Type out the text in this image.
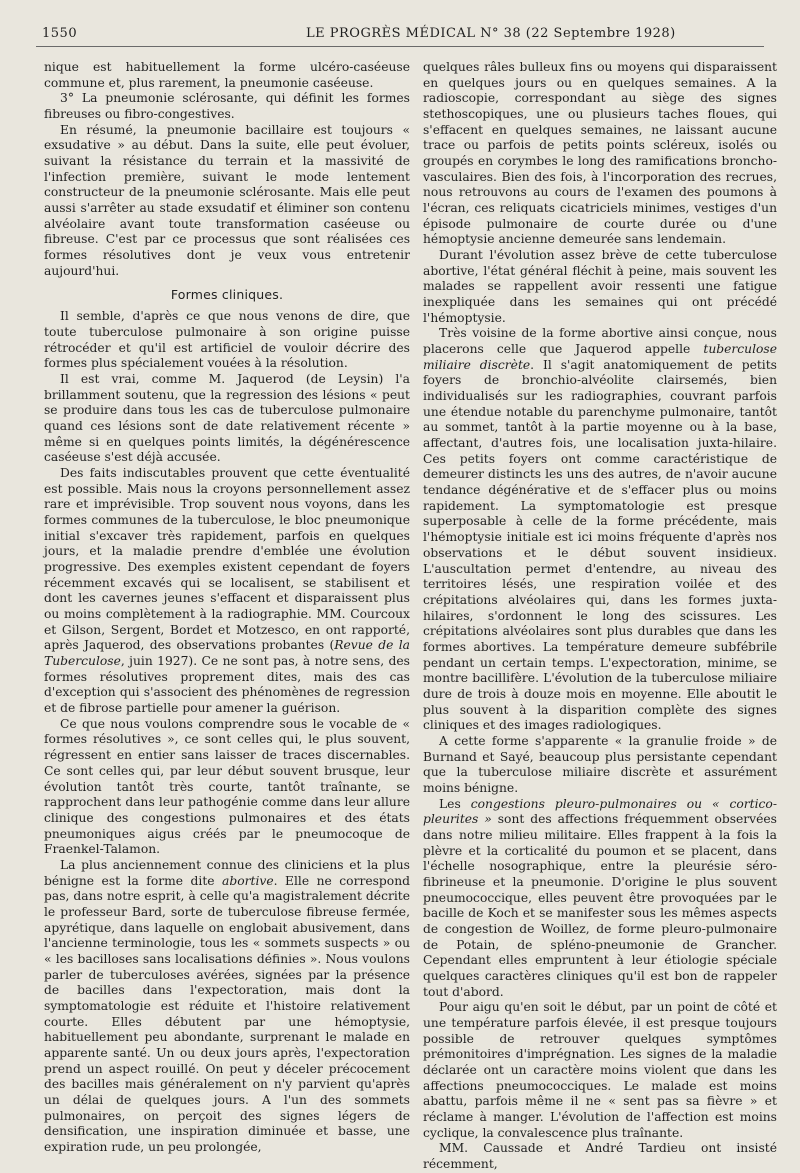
1550	LE PROGRÈS MÉDICAL N° 38 (22 Septembre 1928)

nique est habituellement la forme ulcéro-caséeuse commune et, plus rarement, la pneumonie caséeuse.

3° La pneumonie sclérosante, qui définit les formes fibreuses ou fibro-congestives.

En résumé, la pneumonie bacillaire est toujours « exsudative » au début. Dans la suite, elle peut évoluer, suivant la résistance du terrain et la massivité de l'infection première, suivant le mode lentement constructeur de la pneumonie sclérosante. Mais elle peut aussi s'arrêter au stade exsudatif et éliminer son contenu alvéolaire avant toute transformation caséeuse ou fibreuse. C'est par ce processus que sont réalisées ces formes résolutives dont je veux vous entretenir aujourd'hui.

Formes cliniques.

Il semble, d'après ce que nous venons de dire, que toute tuberculose pulmonaire à son origine puisse rétrocéder et qu'il est artificiel de vouloir décrire des formes plus spécialement vouées à la résolution.

Il est vrai, comme M. Jaquerod (de Leysin) l'a brillamment soutenu, que la regression des lésions « peut se produire dans tous les cas de tuberculose pulmonaire quand ces lésions sont de date relativement récente » même si en quelques points limités, la dégénérescence caséeuse s'est déjà accusée.

Des faits indiscutables prouvent que cette éventualité est possible. Mais nous la croyons personnellement assez rare et imprévisible. Trop souvent nous voyons, dans les formes communes de la tuberculose, le bloc pneumonique initial s'excaver très rapidement, parfois en quelques jours, et la maladie prendre d'emblée une évolution progressive. Des exemples existent cependant de foyers récemment excavés qui se localisent, se stabilisent et dont les cavernes jeunes s'effacent et disparaissent plus ou moins complètement à la radiographie. MM. Courcoux et Gilson, Sergent, Bordet et Motzesco, en ont rapporté, après Jaquerod, des observations probantes (Revue de la Tuberculose, juin 1927). Ce ne sont pas, à notre sens, des formes résolutives proprement dites, mais des cas d'exception qui s'associent des phénomènes de regression et de fibrose partielle pour amener la guérison.

Ce que nous voulons comprendre sous le vocable de « formes résolutives », ce sont celles qui, le plus souvent, régressent en entier sans laisser de traces discernables. Ce sont celles qui, par leur début souvent brusque, leur évolution tantôt très courte, tantôt traînante, se rapprochent dans leur pathogénie comme dans leur allure clinique des congestions pulmonaires et des états pneumoniques aigus créés par le pneumocoque de Fraenkel-Talamon.

La plus anciennement connue des cliniciens et la plus bénigne est la forme dite abortive. Elle ne correspond pas, dans notre esprit, à celle qu'a magistralement décrite le professeur Bard, sorte de tuberculose fibreuse fermée, apyrétique, dans laquelle on englobait abusivement, dans l'ancienne terminologie, tous les « sommets suspects » ou « les bacilloses sans localisations définies ». Nous voulons parler de tuberculoses avérées, signées par la présence de bacilles dans l'expectoration, mais dont la symptomatologie est réduite et l'histoire relativement courte. Elles débutent par une hémoptysie, habituellement peu abondante, surprenant le malade en apparente santé. Un ou deux jours après, l'expectoration prend un aspect rouillé. On peut y déceler précocement des bacilles mais généralement on n'y parvient qu'après un délai de quelques jours. A l'un des sommets pulmonaires, on perçoit des signes légers de densification, une inspiration diminuée et basse, une expiration rude, un peu prolongée,

quelques râles bulleux fins ou moyens qui disparaissent en quelques jours ou en quelques semaines. A la radioscopie, correspondant au siège des signes stethoscopiques, une ou plusieurs taches floues, qui s'effacent en quelques semaines, ne laissant aucune trace ou parfois de petits points scléreux, isolés ou groupés en corymbes le long des ramifications broncho-vasculaires. Bien des fois, à l'incorporation des recrues, nous retrouvons au cours de l'examen des poumons à l'écran, ces reliquats cicatriciels minimes, vestiges d'un épisode pulmonaire de courte durée ou d'une hémoptysie ancienne demeurée sans lendemain.

Durant l'évolution assez brève de cette tuberculose abortive, l'état général fléchit à peine, mais souvent les malades se rappellent avoir ressenti une fatigue inexpliquée dans les semaines qui ont précédé l'hémoptysie.

Très voisine de la forme abortive ainsi conçue, nous placerons celle que Jaquerod appelle tuberculose miliaire discrète. Il s'agit anatomiquement de petits foyers de bronchio-alvéolite clairsemés, bien individualisés sur les radiographies, couvrant parfois une étendue notable du parenchyme pulmonaire, tantôt au sommet, tantôt à la partie moyenne ou à la base, affectant, d'autres fois, une localisation juxta-hilaire. Ces petits foyers ont comme caractéristique de demeurer distincts les uns des autres, de n'avoir aucune tendance dégénérative et de s'effacer plus ou moins rapidement. La symptomatologie est presque superposable à celle de la forme précédente, mais l'hémoptysie initiale est ici moins fréquente d'après nos observations et le début souvent insidieux. L'auscultation permet d'entendre, au niveau des territoires lésés, une respiration voilée et des crépitations alvéolaires qui, dans les formes juxta-hilaires, s'ordonnent le long des scissures. Les crépitations alvéolaires sont plus durables que dans les formes abortives. La température demeure subfébrile pendant un certain temps. L'expectoration, minime, se montre bacillifère. L'évolution de la tuberculose miliaire dure de trois à douze mois en moyenne. Elle aboutit le plus souvent à la disparition complète des signes cliniques et des images radiologiques.

A cette forme s'apparente « la granulie froide » de Burnand et Sayé, beaucoup plus persistante cependant que la tuberculose miliaire discrète et assurément moins bénigne.

Les congestions pleuro-pulmonaires ou « cortico-pleurites » sont des affections fréquemment observées dans notre milieu militaire. Elles frappent à la fois la plèvre et la corticalité du poumon et se placent, dans l'échelle nosographique, entre la pleurésie séro-fibrineuse et la pneumonie. D'origine le plus souvent pneumococcique, elles peuvent être provoquées par le bacille de Koch et se manifester sous les mêmes aspects de congestion de Woillez, de forme pleuro-pulmonaire de Potain, de spléno-pneumonie de Grancher. Cependant elles empruntent à leur étiologie spéciale quelques caractères cliniques qu'il est bon de rappeler tout d'abord.

Pour aigu qu'en soit le début, par un point de côté et une température parfois élevée, il est presque toujours possible de retrouver quelques symptômes prémonitoires d'imprégnation. Les signes de la maladie déclarée ont un caractère moins violent que dans les affections pneumococciques. Le malade est moins abattu, parfois même il ne « sent pas sa fièvre » et réclame à manger. L'évolution de l'affection est moins cyclique, la convalescence plus traînante.

MM. Caussade et André Tardieu ont insisté récemment,
